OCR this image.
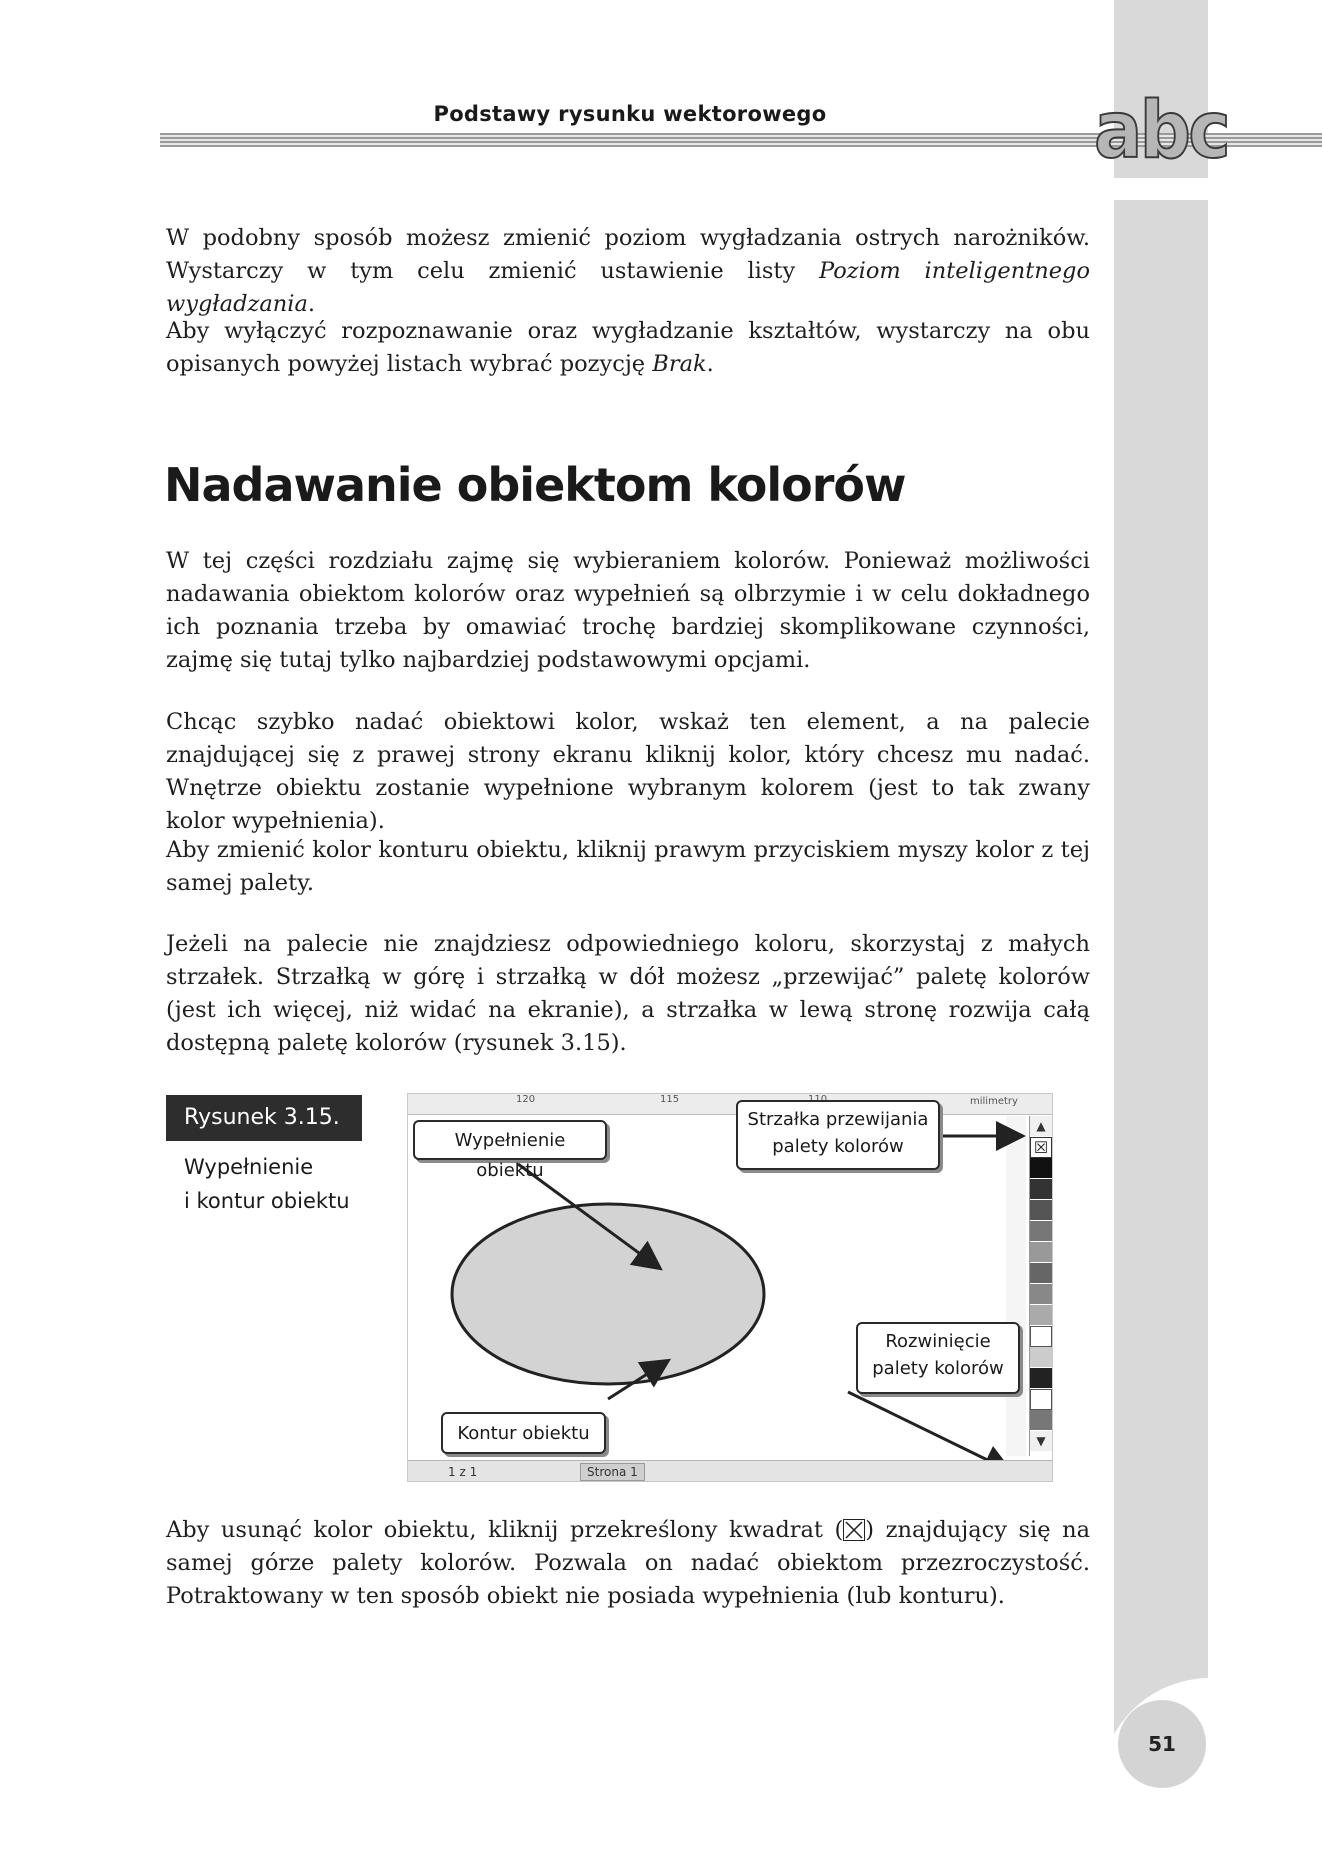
Podstawy rysunku wektorowego	abc

W podobny sposób możesz zmienić poziom wygładzania ostrych narożników. Wystarczy w tym celu zmienić ustawienie listy Poziom inteligentnego wygładzania.

Aby wyłączyć rozpoznawanie oraz wygładzanie kształtów, wystarczy na obu opisanych powyżej listach wybrać pozycję Brak.

Nadawanie obiektom kolorów

W tej części rozdziału zajmę się wybieraniem kolorów. Ponieważ możliwości nadawania obiektom kolorów oraz wypełnień są olbrzymie i w celu dokładnego ich poznania trzeba by omawiać trochę bardziej skomplikowane czynności, zajmę się tutaj tylko najbardziej podstawowymi opcjami.

Chcąc szybko nadać obiektowi kolor, wskaż ten element, a na palecie znajdującej się z prawej strony ekranu kliknij kolor, który chcesz mu nadać. Wnętrze obiektu zostanie wypełnione wybranym kolorem (jest to tak zwany kolor wypełnienia).

Aby zmienić kolor konturu obiektu, kliknij prawym przyciskiem myszy kolor z tej samej palety.

Jeżeli na palecie nie znajdziesz odpowiedniego koloru, skorzystaj z małych strzałek. Strzałką w górę i strzałką w dół możesz „przewijać” paletę kolorów (jest ich więcej, niż widać na ekranie), a strzałka w lewą stronę rozwija całą dostępną paletę kolorów (rysunek 3.15).

Rysunek 3.15.
Wypełnienie
i kontur obiektu
120	115	milimetry
▲
☒
▼
Wypełnienie obiektu
Strzałka przewijania
palety kolorów
Rozwinięcie
palety kolorów
Kontur obiektu
1 z 1	Strona 1

Aby usunąć kolor obiektu, kliknij przekreślony kwadrat ( ) znajdujący się na samej górze palety kolorów. Pozwala on nadać obiektom przezroczystość. Potraktowany w ten sposób obiekt nie posiada wypełnienia (lub konturu).

51
